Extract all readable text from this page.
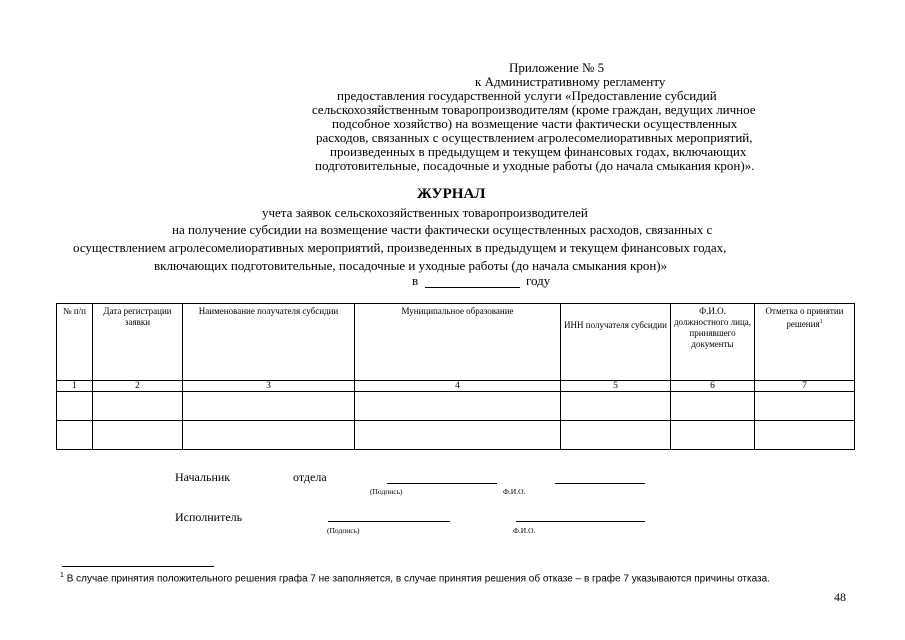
Приложение № 5
к Административному регламенту
предоставления государственной услуги «Предоставление субсидий
сельскохозяйственным товаропроизводителям (кроме граждан, ведущих личное
подсобное хозяйство) на возмещение части фактически осуществленных
расходов, связанных с осуществлением агролесомелиоративных мероприятий,
произведенных в предыдущем и текущем финансовых годах, включающих
подготовительные, посадочные и уходные работы (до начала смыкания крон)».
ЖУРНАЛ
учета заявок сельскохозяйственных товаропроизводителей
на получение субсидии на возмещение части фактически осуществленных расходов, связанных с
осуществлением агролесомелиоративных мероприятий, произведенных в предыдущем и текущем финансовых годах,
включающих подготовительные, посадочные и уходные работы (до начала смыкания крон)»
в	году
№ п/п	Дата регистрации заявки	Наименование получателя субсидии	Муниципальное образование	ИНН получателя субсидии	Ф.И.О. должностного лица, принявшего документы	Отметка о принятии решения$^1$
1	2	3	4	5	6	7

Начальник	отдела
(Подпись)	Ф.И.О.
Исполнитель
(Подпись)	Ф.И.О.
$^1$ В случае принятия положительного решения графа 7 не заполняется, в случае принятия решения об отказе – в графе 7 указываются причины отказа.
48
